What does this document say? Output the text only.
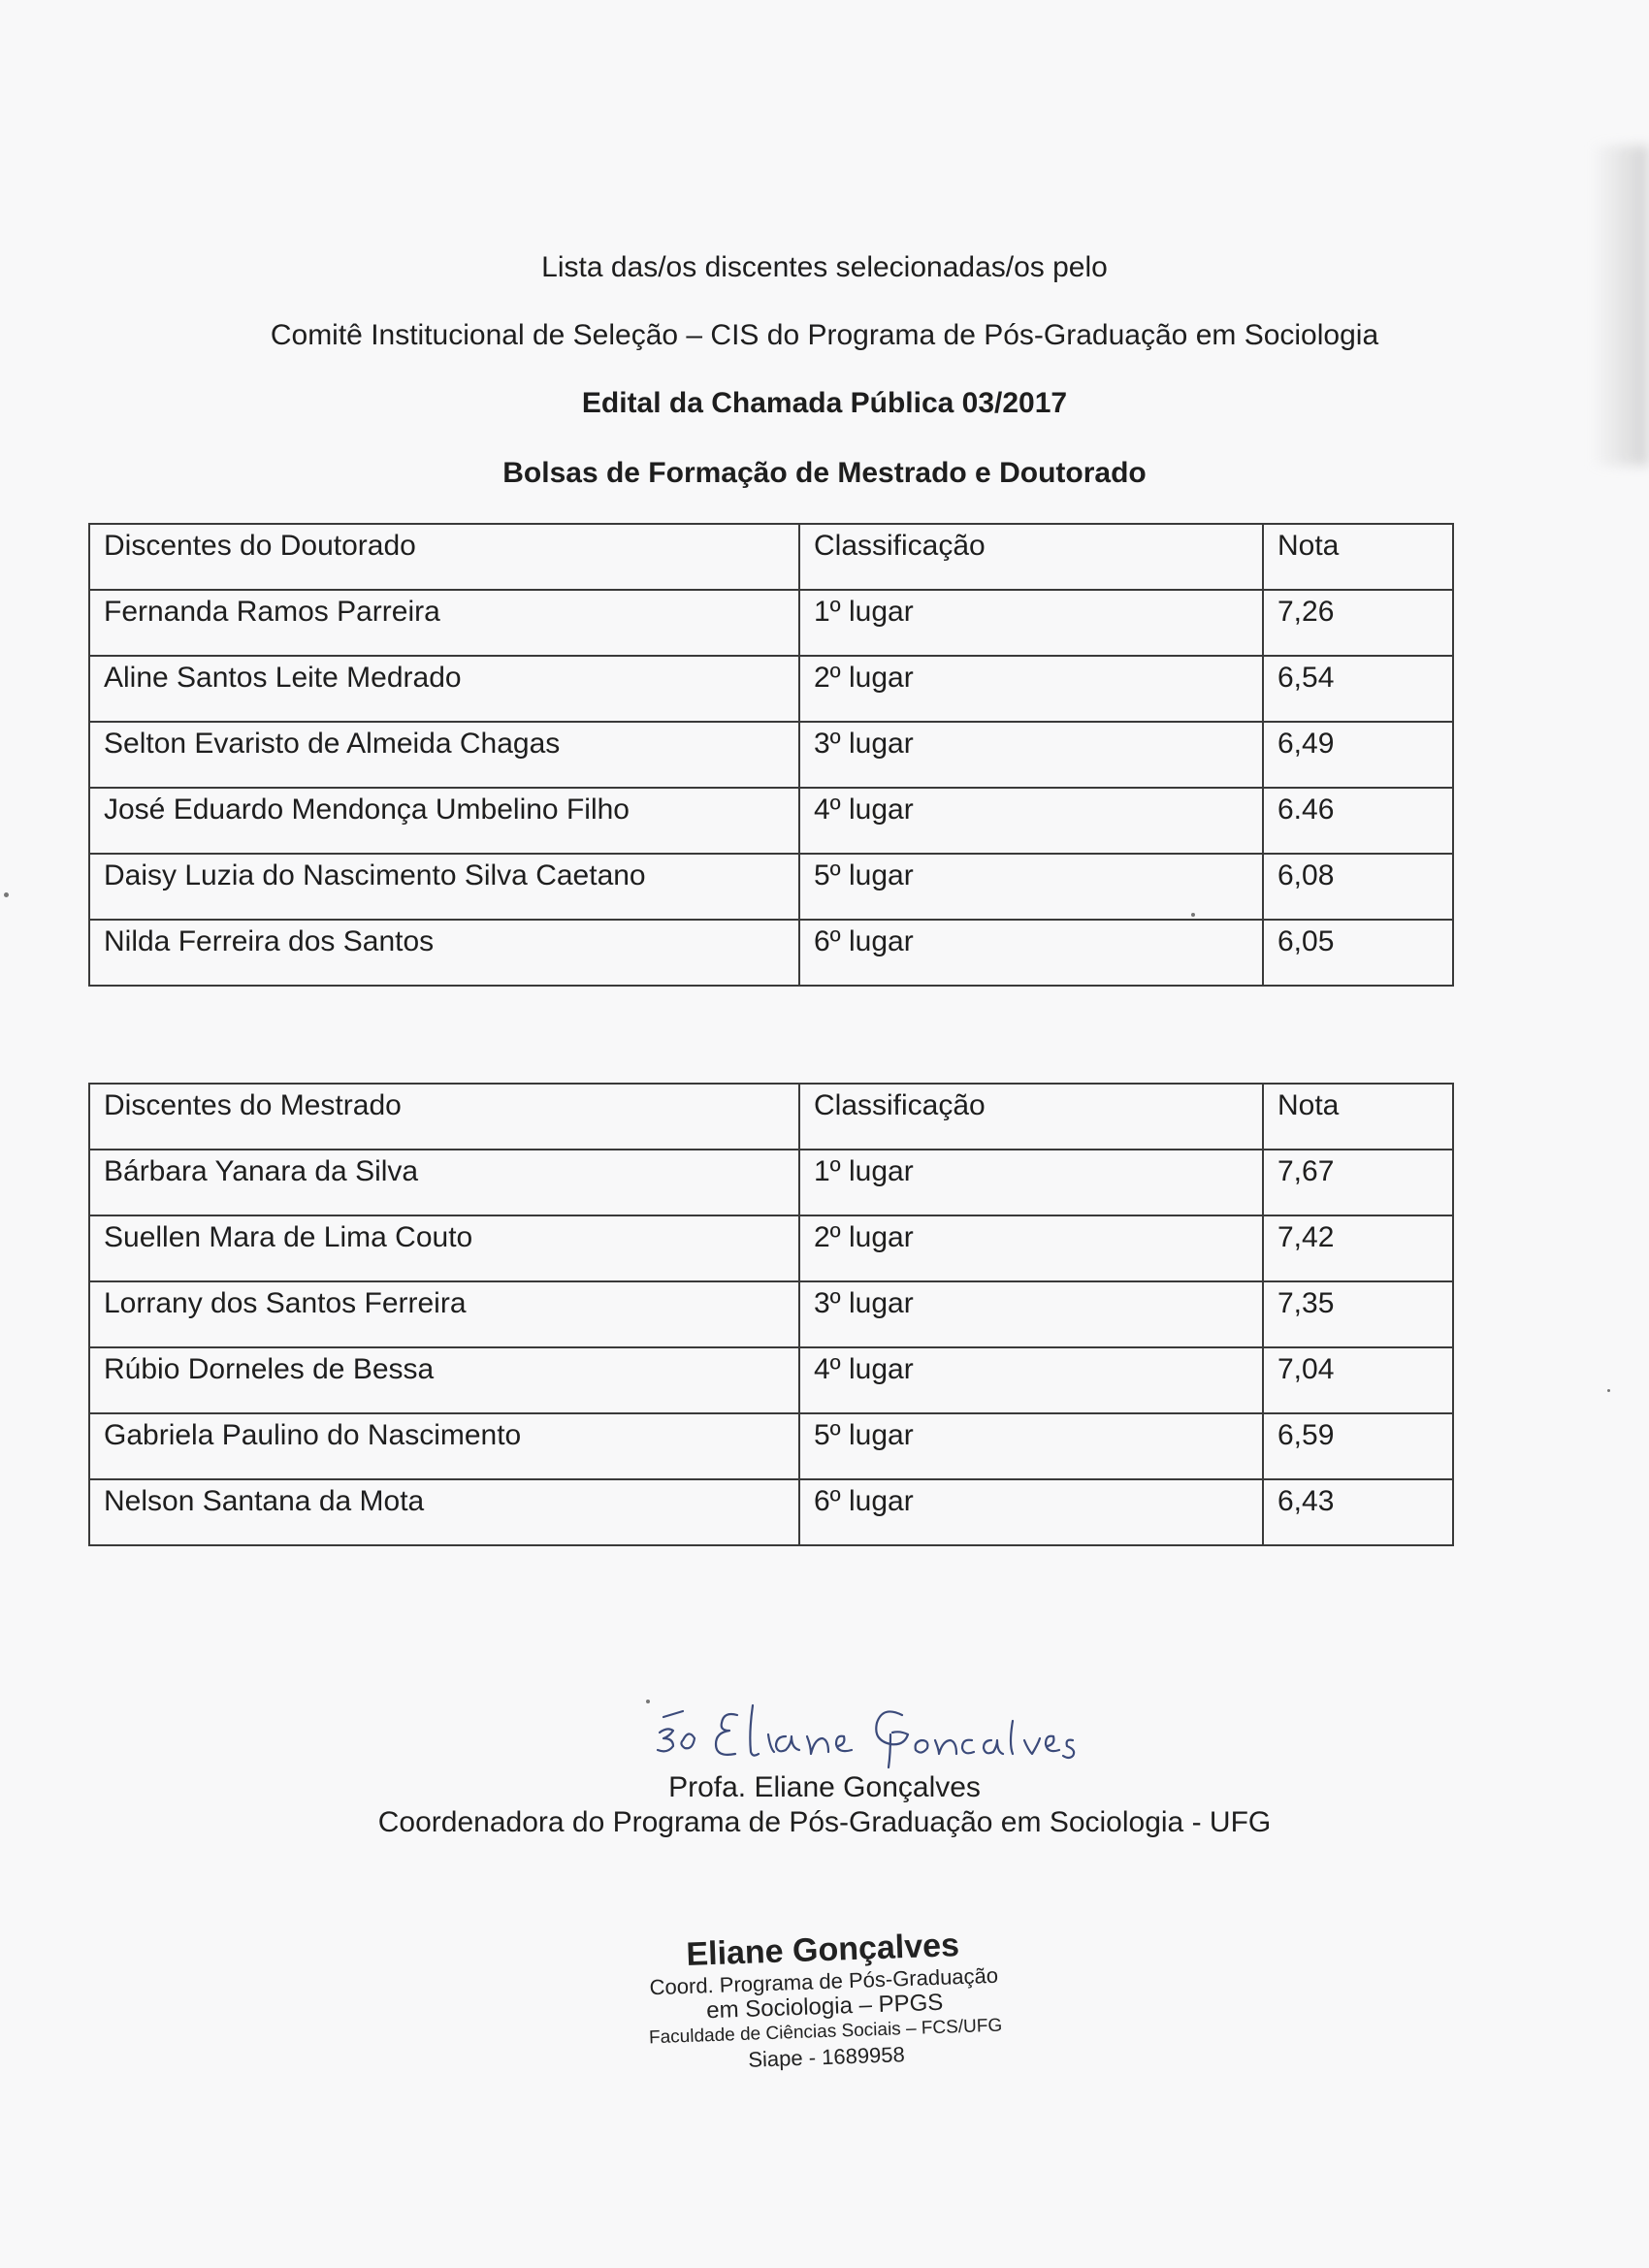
Lista das/os discentes selecionadas/os pelo
Comitê Institucional de Seleção – CIS do Programa de Pós-Graduação em Sociologia
Edital da Chamada Pública 03/2017
Bolsas de Formação de Mestrado e Doutorado
Discentes do Doutorado	Classificação	Nota
Fernanda Ramos Parreira	1º lugar	7,26
Aline Santos Leite Medrado	2º lugar	6,54
Selton Evaristo de Almeida Chagas	3º lugar	6,49
José Eduardo Mendonça Umbelino Filho	4º lugar	6.46
Daisy Luzia do Nascimento Silva Caetano	5º lugar	6,08
Nilda Ferreira dos Santos	6º lugar	6,05
Discentes do Mestrado	Classificação	Nota
Bárbara Yanara da Silva	1º lugar	7,67
Suellen Mara de Lima Couto	2º lugar	7,42
Lorrany dos Santos Ferreira	3º lugar	7,35
Rúbio Dorneles de Bessa	4º lugar	7,04
Gabriela Paulino do Nascimento	5º lugar	6,59
Nelson Santana da Mota	6º lugar	6,43
Profa. Eliane Gonçalves
Coordenadora do Programa de Pós-Graduação em Sociologia - UFG
Eliane Gonçalves
Coord. Programa de Pós-Graduação
em Sociologia – PPGS
Faculdade de Ciências Sociais – FCS/UFG
Siape - 1689958
